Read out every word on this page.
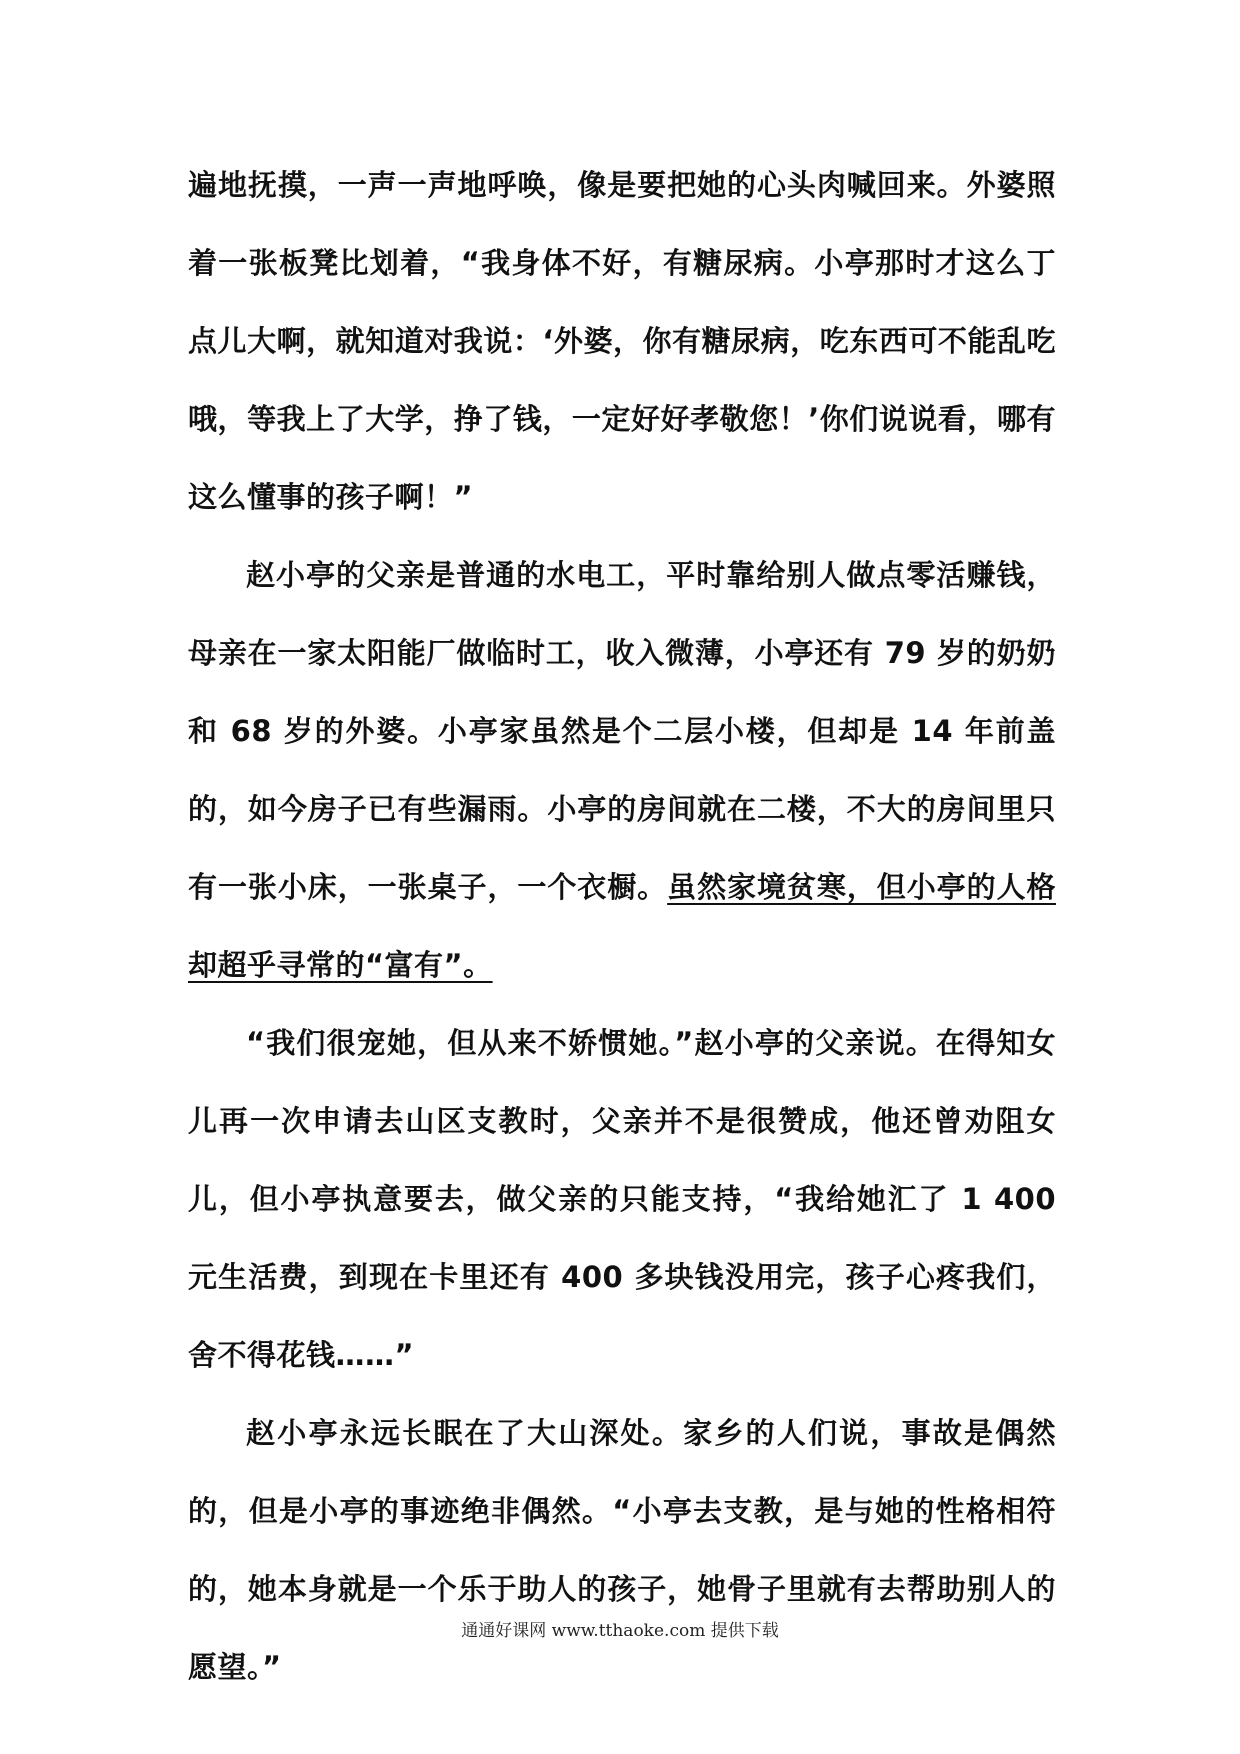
遍地抚摸，一声一声地呼唤，像是要把她的心头肉喊回来。外婆照着一张板凳比划着，“我身体不好，有糖尿病。小亭那时才这么丁点儿大啊，就知道对我说：‘外婆，你有糖尿病，吃东西可不能乱吃哦，等我上了大学，挣了钱，一定好好孝敬您！’你们说说看，哪有这么懂事的孩子啊！”

赵小亭的父亲是普通的水电工，平时靠给别人做点零活赚钱，母亲在一家太阳能厂做临时工，收入微薄，小亭还有 79 岁的奶奶和 68 岁的外婆。小亭家虽然是个二层小楼，但却是 14 年前盖的，如今房子已有些漏雨。小亭的房间就在二楼，不大的房间里只有一张小床，一张桌子，一个衣橱。虽然家境贫寒，但小亭的人格却超乎寻常的“富有”。

“我们很宠她，但从来不娇惯她。”赵小亭的父亲说。在得知女儿再一次申请去山区支教时，父亲并不是很赞成，他还曾劝阻女儿，但小亭执意要去，做父亲的只能支持，“我给她汇了 1 400 元生活费，到现在卡里还有 400 多块钱没用完，孩子心疼我们，舍不得花钱……”

赵小亭永远长眠在了大山深处。家乡的人们说，事故是偶然的，但是小亭的事迹绝非偶然。“小亭去支教，是与她的性格相符的，她本身就是一个乐于助人的孩子，她骨子里就有去帮助别人的愿望。”

通通好课网 www.tthaoke.com 提供下载
